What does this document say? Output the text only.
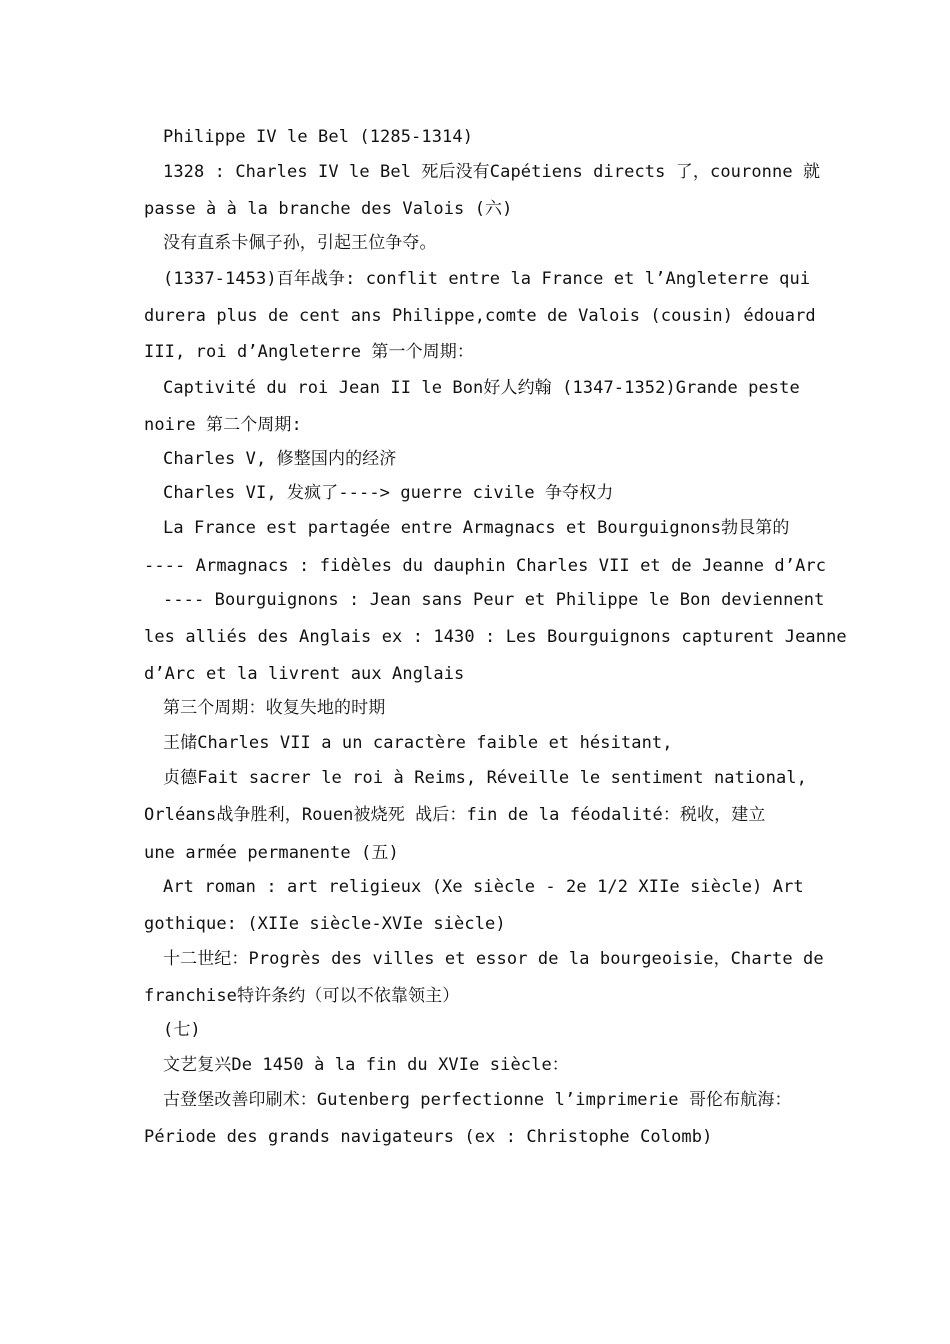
Philippe IV le Bel (1285-1314)
1328 : Charles IV le Bel 死后没有Capétiens directs 了，couronne 就
passe à à la branche des Valois (六)
没有直系卡佩子孙，引起王位争夺。
(1337-1453)百年战争: conflit entre la France et l’Angleterre qui
durera plus de cent ans Philippe,comte de Valois (cousin) édouard
III, roi d’Angleterre 第一个周期：
Captivité du roi Jean II le Bon好人约翰 (1347-1352)Grande peste
noire 第二个周期:
Charles V, 修整国内的经济
Charles VI, 发疯了----> guerre civile 争夺权力
La France est partagée entre Armagnacs et Bourguignons勃艮第的
---- Armagnacs : fidèles du dauphin Charles VII et de Jeanne d’Arc
---- Bourguignons : Jean sans Peur et Philippe le Bon deviennent
les alliés des Anglais ex : 1430 : Les Bourguignons capturent Jeanne
d’Arc et la livrent aux Anglais
第三个周期：收复失地的时期
王储Charles VII a un caractère faible et hésitant,
贞德Fait sacrer le roi à Reims, Réveille le sentiment national,
Orléans战争胜利，Rouen被烧死 战后：fin de la féodalité：税收，建立
une armée permanente (五)
Art roman : art religieux (Xe siècle - 2e 1/2 XIIe siècle) Art
gothique: (XIIe siècle-XVIe siècle)
十二世纪：Progrès des villes et essor de la bourgeoisie，Charte de
franchise特许条约（可以不依靠领主）
(七)
文艺复兴De 1450 à la fin du XVIe siècle：
古登堡改善印刷术：Gutenberg perfectionne l’imprimerie 哥伦布航海：
Période des grands navigateurs (ex : Christophe Colomb)
